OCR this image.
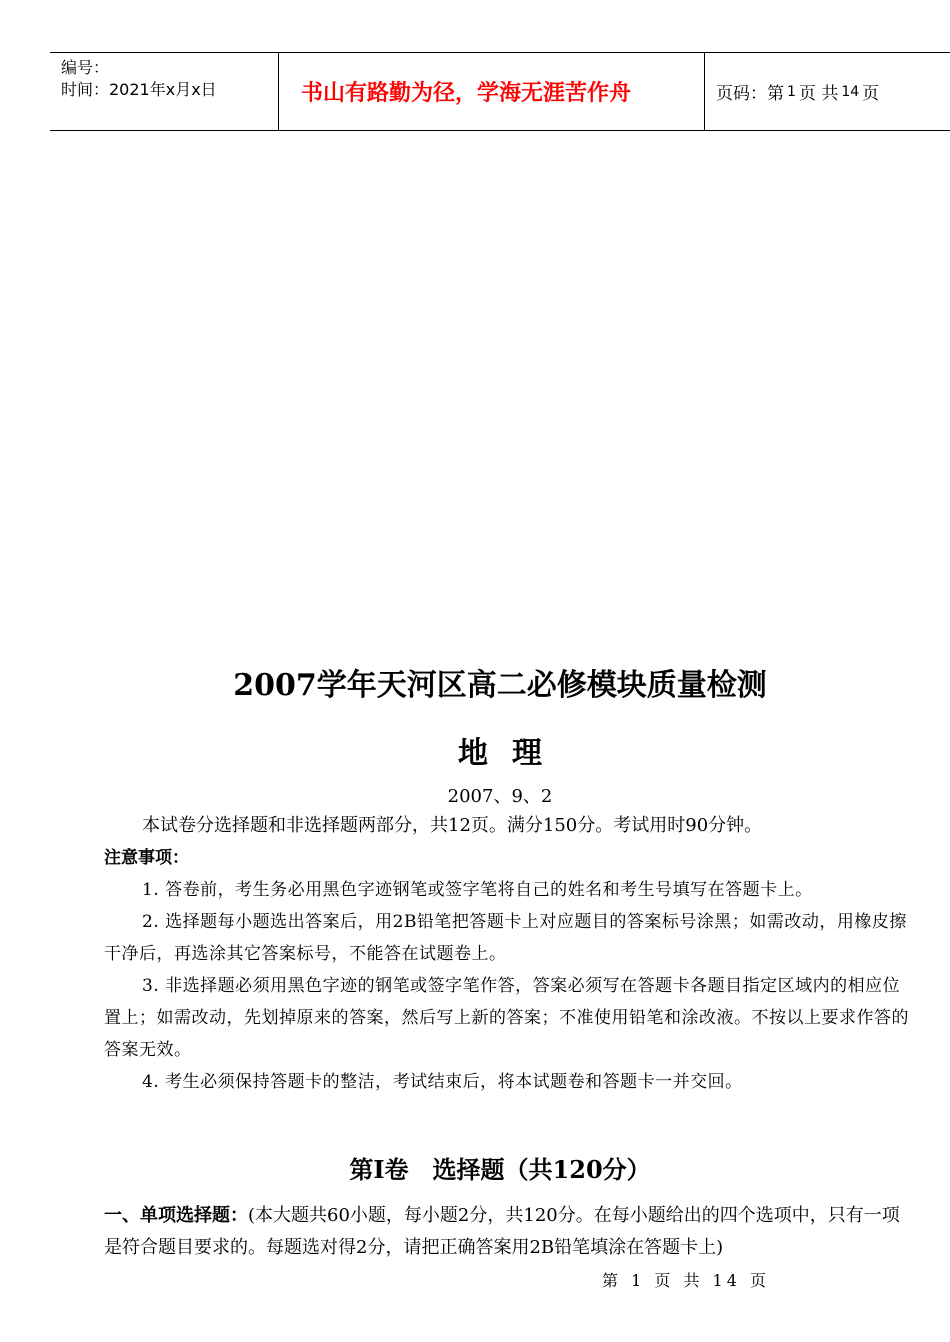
编号：
时间：2021年x月x日	书山有路勤为径，学海无涯苦作舟	页码：第 1 页 共 14 页
2007学年天河区高二必修模块质量检测
地理
2007、9、2
本试卷分选择题和非选择题两部分，共12页。满分150分。考试用时90分钟。
注意事项：
1. 答卷前，考生务必用黑色字迹钢笔或签字笔将自己的姓名和考生号填写在答题卡上。
2. 选择题每小题选出答案后，用2B铅笔把答题卡上对应题目的答案标号涂黑；如需改动，用橡皮擦干净后，再选涂其它答案标号，不能答在试题卷上。
3. 非选择题必须用黑色字迹的钢笔或签字笔作答，答案必须写在答题卡各题目指定区域内的相应位置上；如需改动，先划掉原来的答案，然后写上新的答案；不准使用铅笔和涂改液。不按以上要求作答的答案无效。
4. 考生必须保持答题卡的整洁，考试结束后，将本试题卷和答题卡一并交回。
第I卷　选择题（共120分）
一、单项选择题：(本大题共60小题，每小题2分，共120分。在每小题给出的四个选项中，只有一项是符合题目要求的。每题选对得2分，请把正确答案用2B铅笔填涂在答题卡上)
第 1 页 共 14 页
